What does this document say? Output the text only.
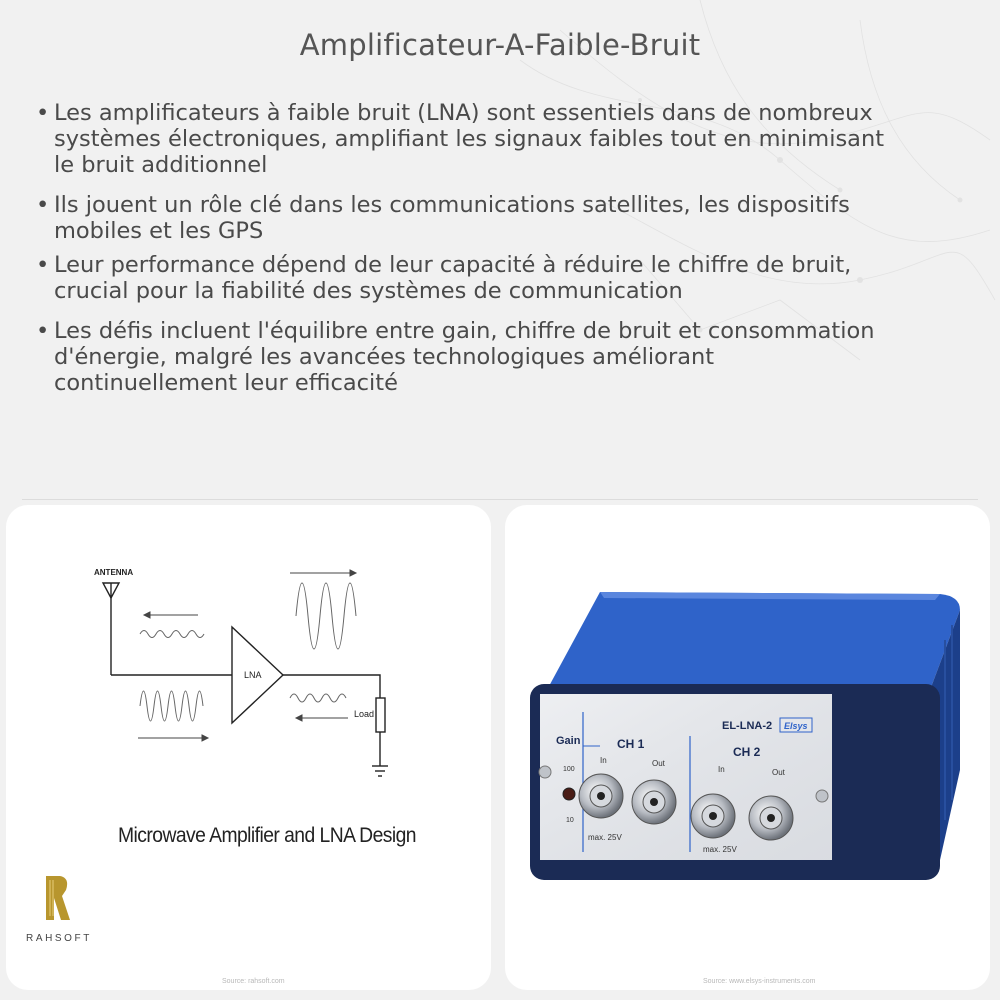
Amplificateur-A-Faible-Bruit
• Les amplificateurs à faible bruit (LNA) sont essentiels dans de nombreux
systèmes électroniques, amplifiant les signaux faibles tout en minimisant
le bruit additionnel
• Ils jouent un rôle clé dans les communications satellites, les dispositifs
mobiles et les GPS
• Leur performance dépend de leur capacité à réduire le chiffre de bruit,
crucial pour la fiabilité des systèmes de communication
• Les défis incluent l'équilibre entre gain, chiffre de bruit et consommation
d'énergie, malgré les avancées technologiques améliorant
continuellement leur efficacité
ANTENNA
LNA
Load
EL-LNA-2 Elsys
Gain
100
10
CH 1
CH 2
In	Out
In	Out
max. 25V
max. 25V
Microwave Amplifier and LNA Design
RAHSOFT
Source: rahsoft.com	Source: www.elsys-instruments.com
